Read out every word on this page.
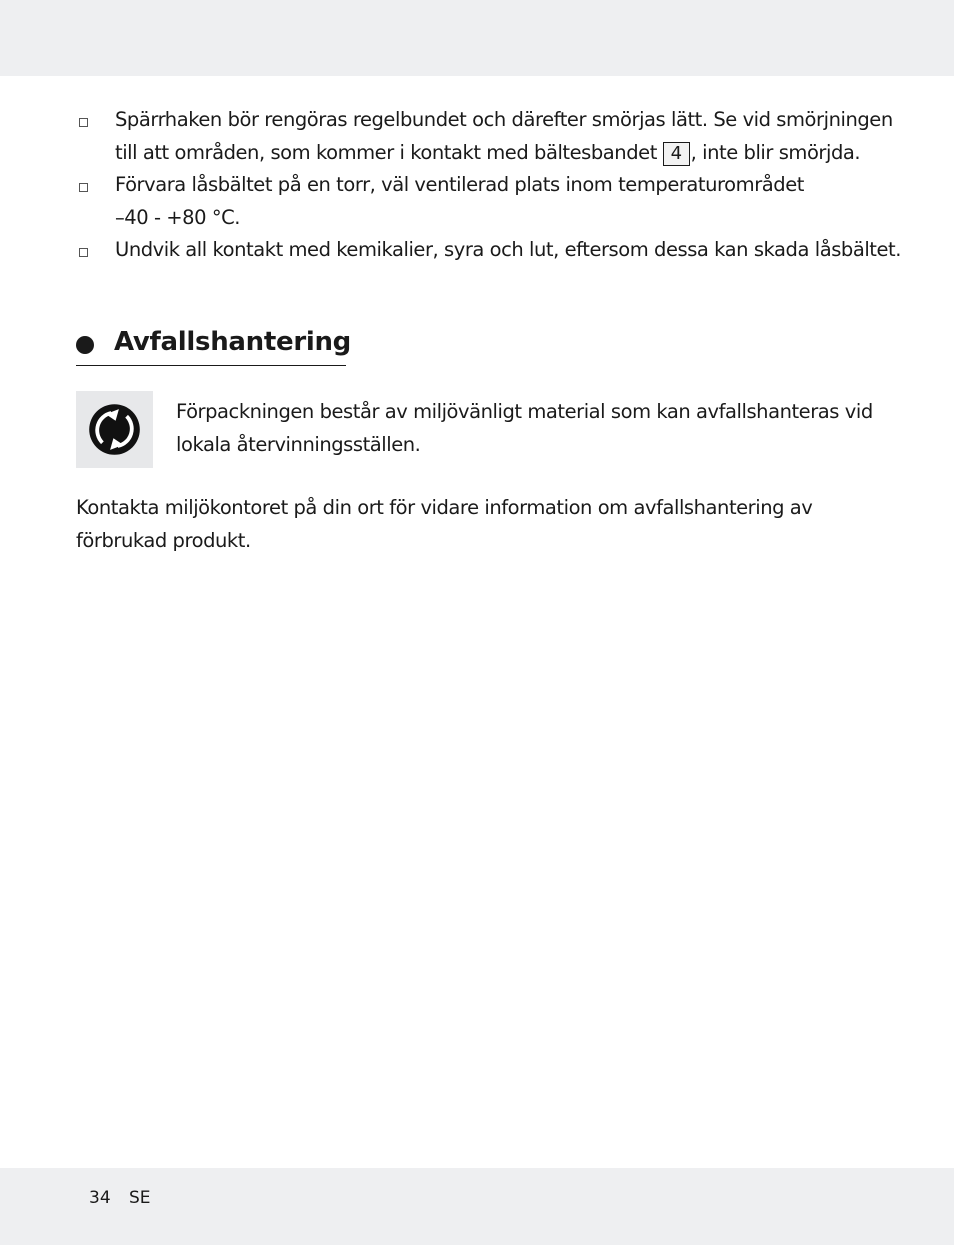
Spärrhaken bör rengöras regelbundet och därefter smörjas lätt. Se vid smörjningen
till att områden, som kommer i kontakt med bältesbandet 4 , inte blir smörjda.
Förvara låsbältet på en torr, väl ventilerad plats inom temperaturområdet
–40 - +80 °C.
Undvik all kontakt med kemikalier, syra och lut, eftersom dessa kan skada låsbältet.
Avfallshantering

Förpackningen består av miljövänligt material som kan avfallshanteras vid
lokala återvinningsställen.

Kontakta miljökontoret på din ort för vidare information om avfallshantering av
förbrukad produkt.

34 SE
